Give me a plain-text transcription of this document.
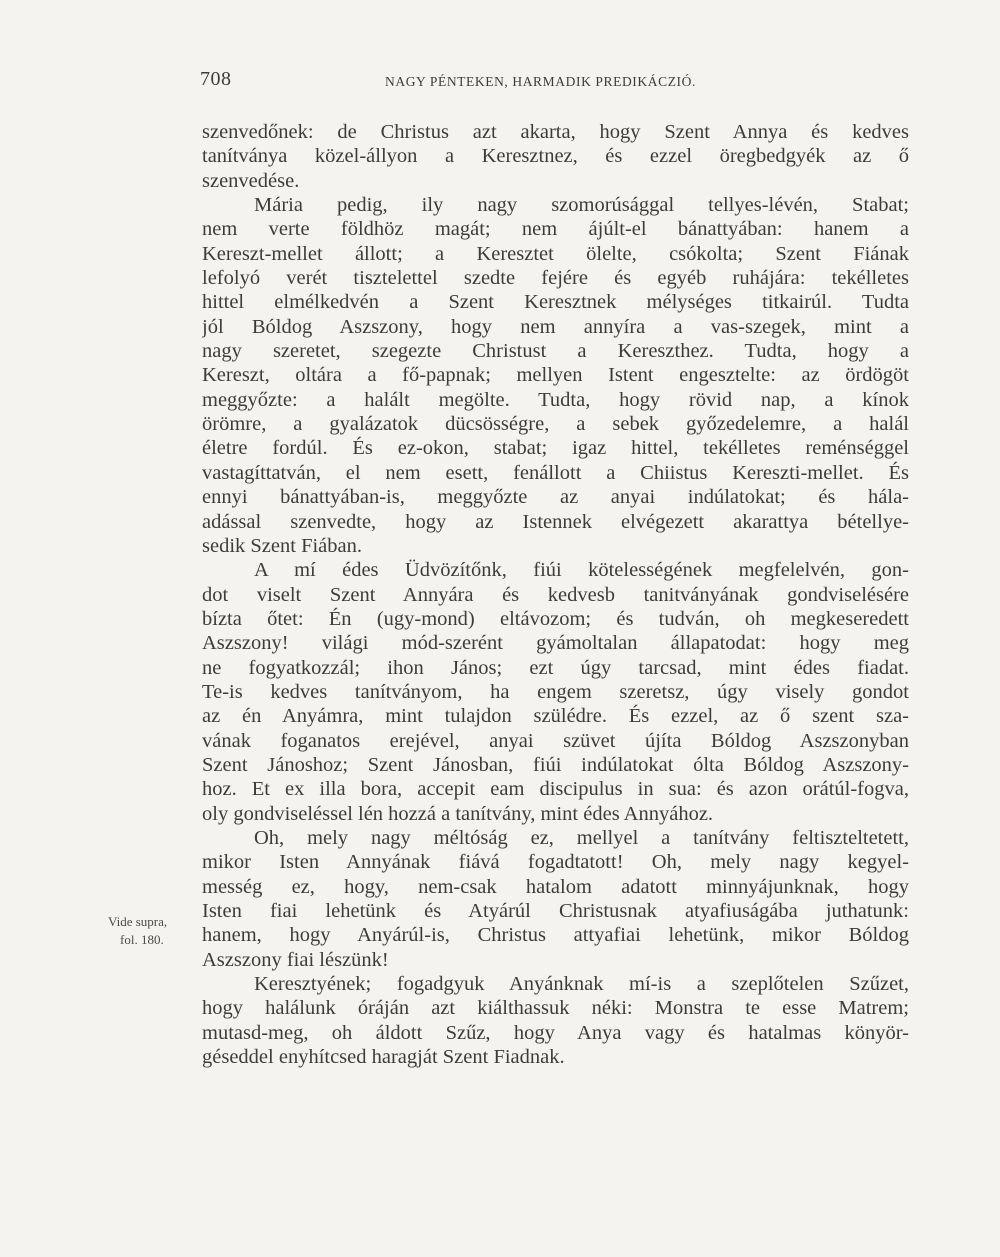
708	NAGY PÉNTEKEN, HARMADIK PREDIKÁCZIÓ.
szenvedőnek: de Christus azt akarta, hogy Szent Annya és kedves
tanítványa közel-állyon a Keresztnez, és ezzel öregbedgyék az ő
szenvedése.
Mária pedig, ily nagy szomorúsággal tellyes-lévén, Stabat;
nem verte földhöz magát; nem ájúlt-el bánattyában: hanem a
Kereszt-mellet állott; a Keresztet ölelte, csókolta; Szent Fiának
lefolyó verét tisztelettel szedte fejére és egyéb ruhájára: tekélletes
hittel elmélkedvén a Szent Keresztnek mélységes titkairúl. Tudta
jól Bóldog Aszszony, hogy nem annyíra a vas-szegek, mint a
nagy szeretet, szegezte Christust a Kereszthez. Tudta, hogy a
Kereszt, oltára a fő-papnak; mellyen Istent engesztelte: az ördögöt
meggyőzte: a halált megölte. Tudta, hogy rövid nap, a kínok
örömre, a gyalázatok dücsösségre, a sebek győzedelemre, a halál
életre fordúl. És ez-okon, stabat; igaz hittel, tekélletes reménséggel
vastagíttatván, el nem esett, fenállott a Chiistus Kereszti-mellet. És
ennyi bánattyában-is, meggyőzte az anyai indúlatokat; és hála-
adással szenvedte, hogy az Istennek elvégezett akarattya bétellye-
sedik Szent Fiában.
A mí édes Üdvözítőnk, fiúi kötelességének megfelelvén, gon-
dot viselt Szent Annyára és kedvesb tanitványának gondviselésére
bízta őtet: Én (ugy-mond) eltávozom; és tudván, oh megkeseredett
Aszszony! világi mód-szerént gyámoltalan állapatodat: hogy meg
ne fogyatkozzál; ihon János; ezt úgy tarcsad, mint édes fiadat.
Te-is kedves tanítványom, ha engem szeretsz, úgy visely gondot
az én Anyámra, mint tulajdon szülédre. És ezzel, az ő szent sza-
vának foganatos erejével, anyai szüvet újíta Bóldog Aszszonyban
Szent Jánoshoz; Szent Jánosban, fiúi indúlatokat ólta Bóldog Aszszony-
hoz. Et ex illa bora, accepit eam discipulus in sua: és azon orátúl-fogva,
oly gondviseléssel lén hozzá a tanítvány, mint édes Annyához.
Oh, mely nagy méltóság ez, mellyel a tanítvány feltiszteltetett,
mikor Isten Annyának fiává fogadtatott! Oh, mely nagy kegyel-
messég ez, hogy, nem-csak hatalom adatott minnyájunknak, hogy
Isten fiai lehetünk és Atyárúl Christusnak atyafiuságába juthatunk:
hanem, hogy Anyárúl-is, Christus attyafiai lehetünk, mikor Bóldog
Aszszony fiai lészünk!
Keresztyének; fogadgyuk Anyánknak mí-is a szeplőtelen Szűzet,
hogy halálunk óráján azt kiálthassuk néki: Monstra te esse Matrem;
mutasd-meg, oh áldott Szűz, hogy Anya vagy és hatalmas könyör-
géseddel enyhítcsed haragját Szent Fiadnak.
Vide supra,
fol. 180.
